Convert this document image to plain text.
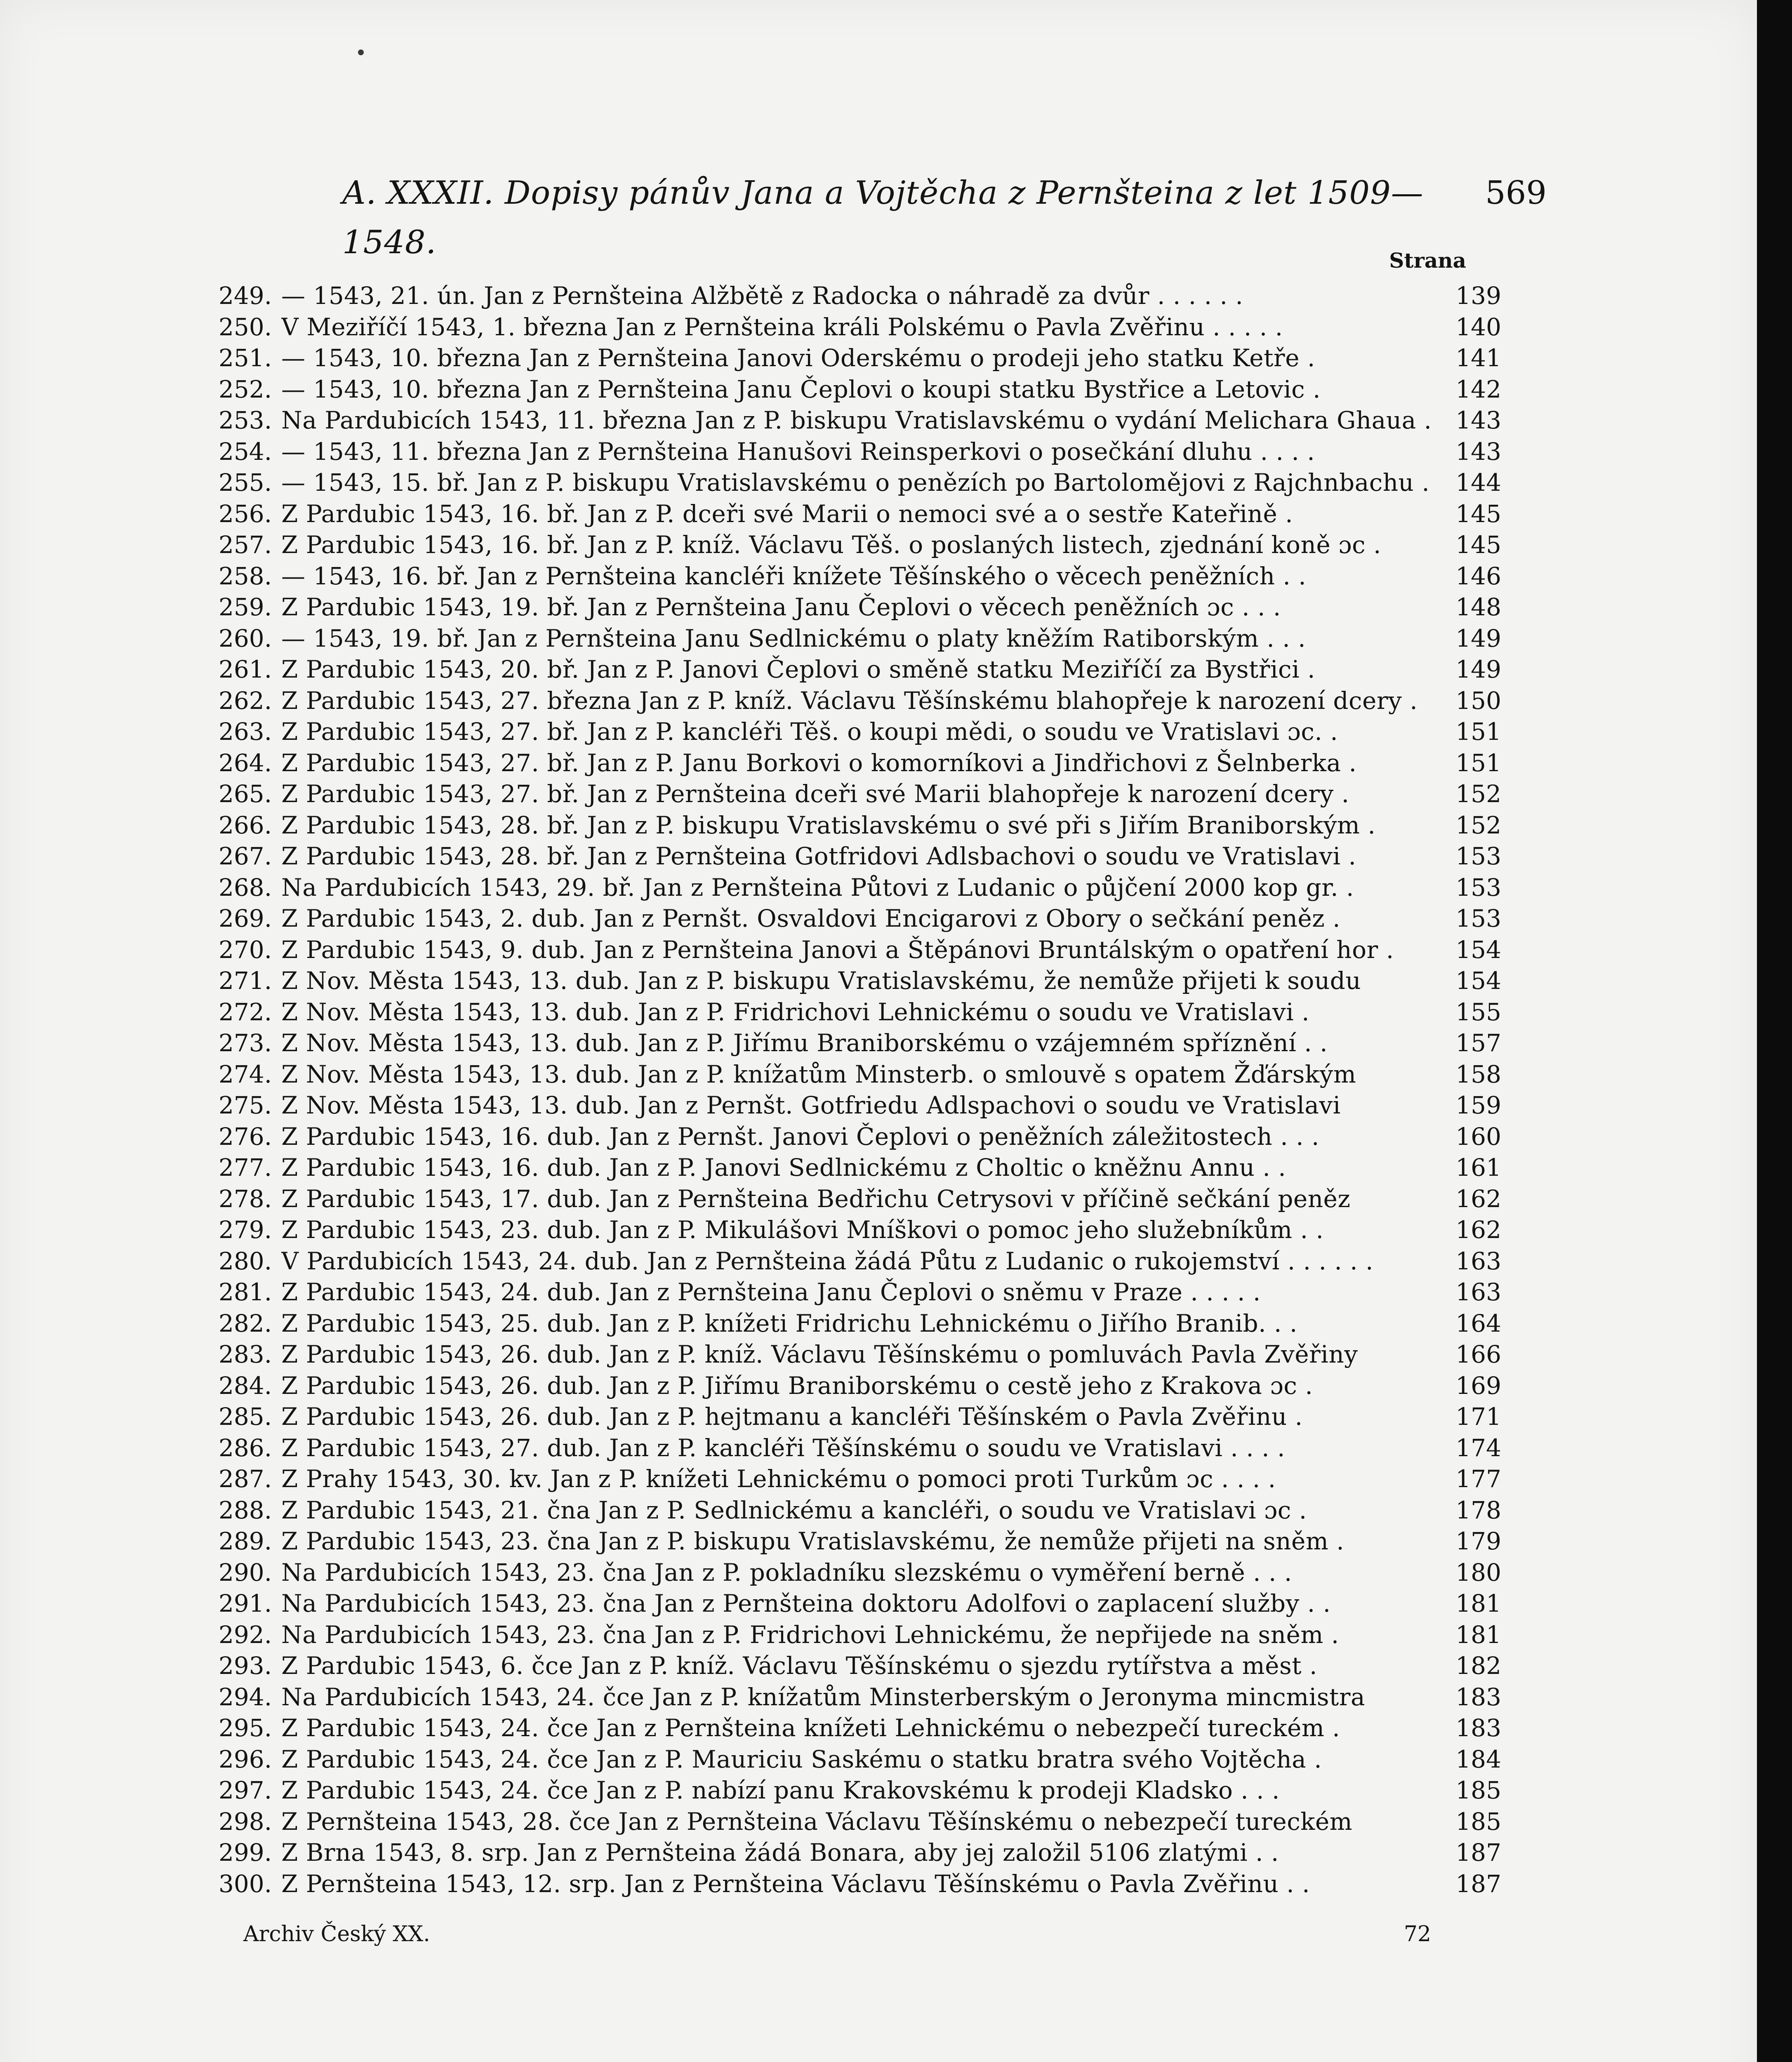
A. XXXII. Dopisy pánův Jana a Vojtěcha z Pernšteina z let 1509—1548.
569
Strana
249. — 1543, 21. ún. Jan z Pernšteina Alžbětě z Radocka o náhradě za dvůr . . . . . .	139
250. V Meziříčí 1543, 1. března Jan z Pernšteina králi Polskému o Pavla Zvěřinu . . . . .	140
251. — 1543, 10. března Jan z Pernšteina Janovi Oderskému o prodeji jeho statku Ketře .	141
252. — 1543, 10. března Jan z Pernšteina Janu Čeplovi o koupi statku Bystřice a Letovic .	142
253. Na Pardubicích 1543, 11. března Jan z P. biskupu Vratislavskému o vydání Melichara Ghaua . 143
254. — 1543, 11. března Jan z Pernšteina Hanušovi Reinsperkovi o posečkání dluhu . . . .	143
255. — 1543, 15. bř. Jan z P. biskupu Vratislavskému o penězích po Bartolomějovi z Rajchnbachu .	144
256. Z Pardubic 1543, 16. bř. Jan z P. dceři své Marii o nemoci své a o sestře Kateřině .	145
257. Z Pardubic 1543, 16. bř. Jan z P. kníž. Václavu Těš. o poslaných listech, zjednání koně ɔc .	145
258. — 1543, 16. bř. Jan z Pernšteina kancléři knížete Těšínského o věcech peněžních . .	146
259. Z Pardubic 1543, 19. bř. Jan z Pernšteina Janu Čeplovi o věcech peněžních ɔc . . .	148
260. — 1543, 19. bř. Jan z Pernšteina Janu Sedlnickému o platy kněžím Ratiborským . . .	149
261. Z Pardubic 1543, 20. bř. Jan z P. Janovi Čeplovi o směně statku Meziříčí za Bystřici .	149
262. Z Pardubic 1543, 27. března Jan z P. kníž. Václavu Těšínskému blahopřeje k narození dcery .	150
263. Z Pardubic 1543, 27. bř. Jan z P. kancléři Těš. o koupi mědi, o soudu ve Vratislavi ɔc. .	151
264. Z Pardubic 1543, 27. bř. Jan z P. Janu Borkovi o komorníkovi a Jindřichovi z Šelnberka .	151
265. Z Pardubic 1543, 27. bř. Jan z Pernšteina dceři své Marii blahopřeje k narození dcery .	152
266. Z Pardubic 1543, 28. bř. Jan z P. biskupu Vratislavskému o své při s Jiřím Braniborským .	152
267. Z Pardubic 1543, 28. bř. Jan z Pernšteina Gotfridovi Adlsbachovi o soudu ve Vratislavi .	153
268. Na Pardubicích 1543, 29. bř. Jan z Pernšteina Půtovi z Ludanic o půjčení 2000 kop gr. .	153
269. Z Pardubic 1543, 2. dub. Jan z Pernšt. Osvaldovi Encigarovi z Obory o sečkání peněz .	153
270. Z Pardubic 1543, 9. dub. Jan z Pernšteina Janovi a Štěpánovi Bruntálským o opatření hor .	154
271. Z Nov. Města 1543, 13. dub. Jan z P. biskupu Vratislavskému, že nemůže přijeti k soudu	154
272. Z Nov. Města 1543, 13. dub. Jan z P. Fridrichovi Lehnickému o soudu ve Vratislavi .	155
273. Z Nov. Města 1543, 13. dub. Jan z P. Jiřímu Braniborskému o vzájemném spříznění . .	157
274. Z Nov. Města 1543, 13. dub. Jan z P. knížatům Minsterb. o smlouvě s opatem Žďárským	158
275. Z Nov. Města 1543, 13. dub. Jan z Pernšt. Gotfriedu Adlspachovi o soudu ve Vratislavi	159
276. Z Pardubic 1543, 16. dub. Jan z Pernšt. Janovi Čeplovi o peněžních záležitostech . . .	160
277. Z Pardubic 1543, 16. dub. Jan z P. Janovi Sedlnickému z Choltic o kněžnu Annu . .	161
278. Z Pardubic 1543, 17. dub. Jan z Pernšteina Bedřichu Cetrysovi v příčině sečkání peněz	162
279. Z Pardubic 1543, 23. dub. Jan z P. Mikulášovi Mníškovi o pomoc jeho služebníkům . .	162
280. V Pardubicích 1543, 24. dub. Jan z Pernšteina žádá Půtu z Ludanic o rukojemství . . . . . .	163
281. Z Pardubic 1543, 24. dub. Jan z Pernšteina Janu Čeplovi o sněmu v Praze . . . . .	163
282. Z Pardubic 1543, 25. dub. Jan z P. knížeti Fridrichu Lehnickému o Jiřího Branib. . .	164
283. Z Pardubic 1543, 26. dub. Jan z P. kníž. Václavu Těšínskému o pomluvách Pavla Zvěřiny	166
284. Z Pardubic 1543, 26. dub. Jan z P. Jiřímu Braniborskému o cestě jeho z Krakova ɔc .	169
285. Z Pardubic 1543, 26. dub. Jan z P. hejtmanu a kancléři Těšínském o Pavla Zvěřinu .	171
286. Z Pardubic 1543, 27. dub. Jan z P. kancléři Těšínskému o soudu ve Vratislavi . . . .	174
287. Z Prahy 1543, 30. kv. Jan z P. knížeti Lehnickému o pomoci proti Turkům ɔc . . . .	177
288. Z Pardubic 1543, 21. čna Jan z P. Sedlnickému a kancléři, o soudu ve Vratislavi ɔc .	178
289. Z Pardubic 1543, 23. čna Jan z P. biskupu Vratislavskému, že nemůže přijeti na sněm .	179
290. Na Pardubicích 1543, 23. čna Jan z P. pokladníku slezskému o vyměření berně . . .	180
291. Na Pardubicích 1543, 23. čna Jan z Pernšteina doktoru Adolfovi o zaplacení služby . .	181
292. Na Pardubicích 1543, 23. čna Jan z P. Fridrichovi Lehnickému, že nepřijede na sněm .	181
293. Z Pardubic 1543, 6. čce Jan z P. kníž. Václavu Těšínskému o sjezdu rytířstva a měst .	182
294. Na Pardubicích 1543, 24. čce Jan z P. knížatům Minsterberským o Jeronyma mincmistra	183
295. Z Pardubic 1543, 24. čce Jan z Pernšteina knížeti Lehnickému o nebezpečí tureckém .	183
296. Z Pardubic 1543, 24. čce Jan z P. Mauriciu Saskému o statku bratra svého Vojtěcha .	184
297. Z Pardubic 1543, 24. čce Jan z P. nabízí panu Krakovskému k prodeji Kladsko . . .	185
298. Z Pernšteina 1543, 28. čce Jan z Pernšteina Václavu Těšínskému o nebezpečí tureckém	185
299. Z Brna 1543, 8. srp. Jan z Pernšteina žádá Bonara, aby jej založil 5106 zlatými . .	187
300. Z Pernšteina 1543, 12. srp. Jan z Pernšteina Václavu Těšínskému o Pavla Zvěřinu . .	187
Archiv Český XX.	72
